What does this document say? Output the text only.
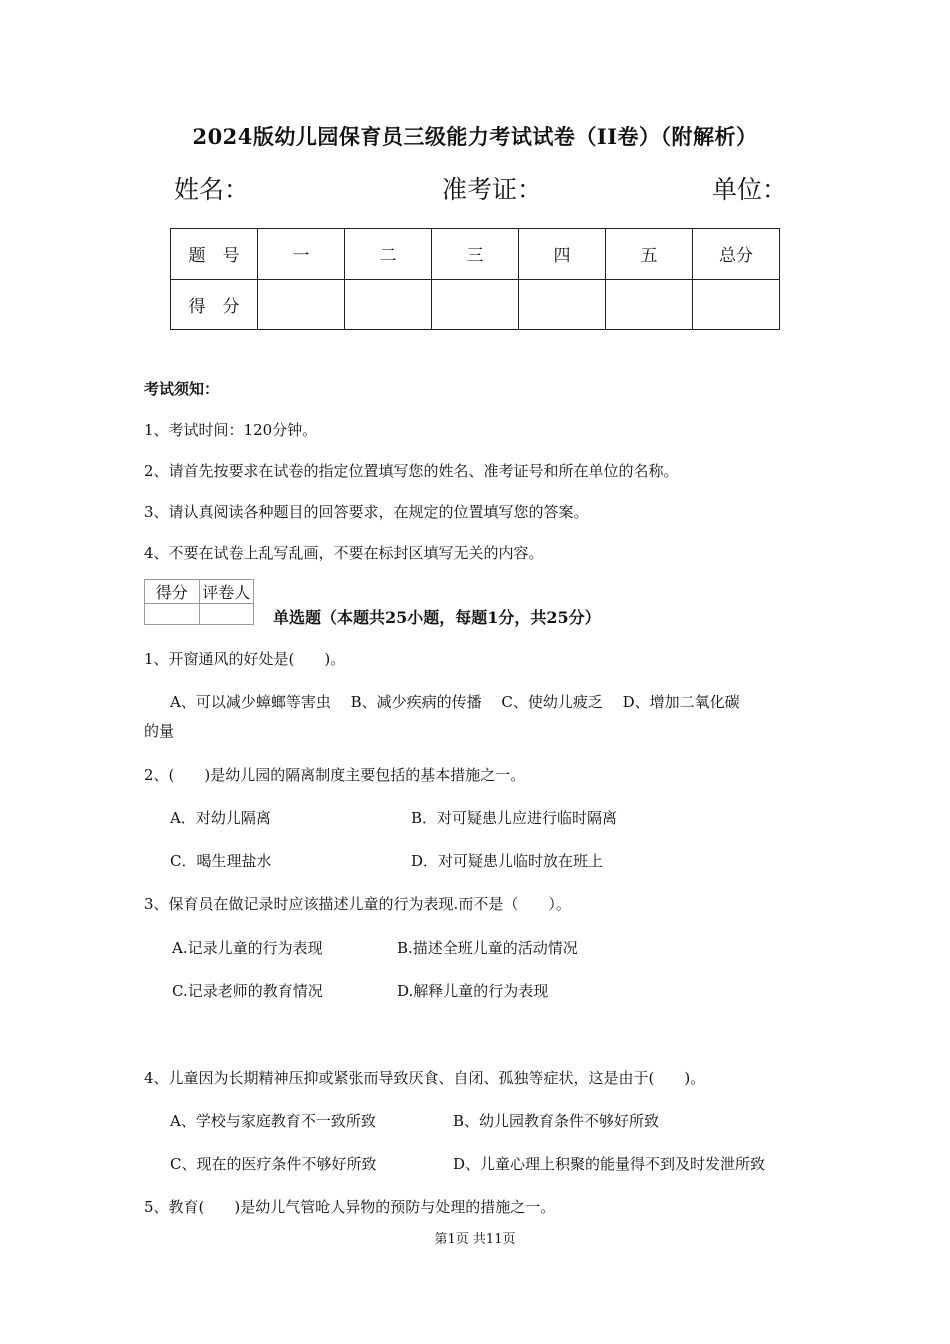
2024版幼儿园保育员三级能力考试试卷（II卷）（附解析）
姓名：	准考证：	单位：
题　号	一	二	三	四	五	总分
得　分						
考试须知：
1、考试时间：120分钟。
2、请首先按要求在试卷的指定位置填写您的姓名、准考证号和所在单位的名称。
3、请认真阅读各种题目的回答要求，在规定的位置填写您的答案。
4、不要在试卷上乱写乱画，不要在标封区填写无关的内容。
得分	评卷人

单选题（本题共25小题，每题1分，共25分）
1、开窗通风的好处是(　　)。
A、可以减少蟑螂等害虫　 B、减少疾病的传播　 C、使幼儿疲乏　 D、增加二氧化碳
的量
2、(　　)是幼儿园的隔离制度主要包括的基本措施之一。
A．对幼儿隔离	B．对可疑患儿应进行临时隔离
C．喝生理盐水	D．对可疑患儿临时放在班上
3、保育员在做记录时应该描述儿童的行为表现.而不是（　　）。
A.记录儿童的行为表现	B.描述全班儿童的活动情况
C.记录老师的教育情况	D.解释儿童的行为表现
4、儿童因为长期精神压抑或紧张而导致厌食、自闭、孤独等症状，这是由于(　　)。
A、学校与家庭教育不一致所致	B、幼儿园教育条件不够好所致
C、现在的医疗条件不够好所致	D、儿童心理上积聚的能量得不到及时发泄所致
5、教育(　　)是幼儿气管呛人异物的预防与处理的措施之一。
第1页 共11页
